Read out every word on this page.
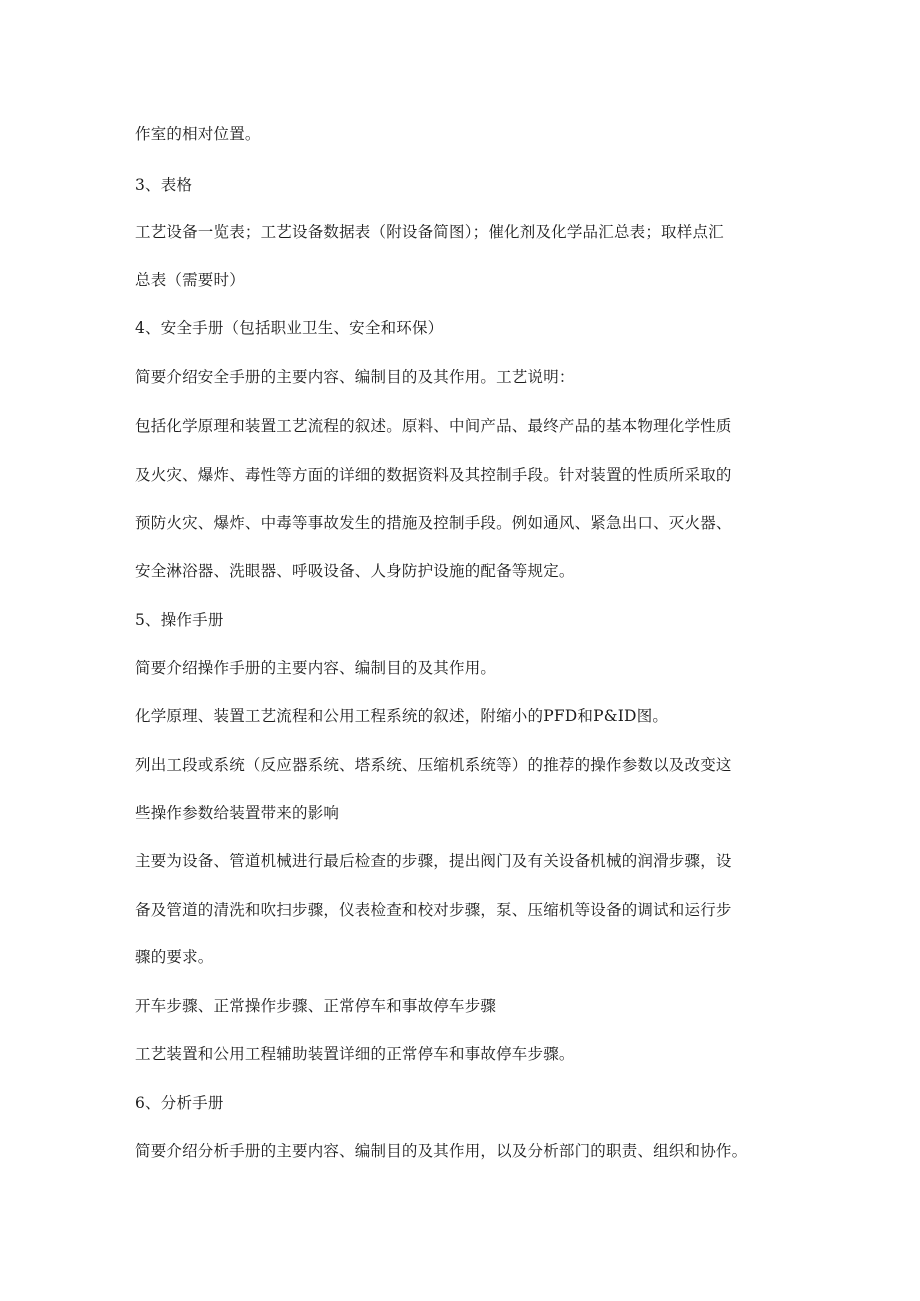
作室的相对位置。
3、表格
工艺设备一览表；工艺设备数据表（附设备简图）；催化剂及化学品汇总表；取样点汇
总表（需要时）
4、安全手册（包括职业卫生、安全和环保）
简要介绍安全手册的主要内容、编制目的及其作用。工艺说明：
包括化学原理和装置工艺流程的叙述。原料、中间产品、最终产品的基本物理化学性质
及火灾、爆炸、毒性等方面的详细的数据资料及其控制手段。针对装置的性质所采取的
预防火灾、爆炸、中毒等事故发生的措施及控制手段。例如通风、紧急出口、灭火器、
安全淋浴器、洗眼器、呼吸设备、人身防护设施的配备等规定。
5、操作手册
简要介绍操作手册的主要内容、编制目的及其作用。
化学原理、装置工艺流程和公用工程系统的叙述，附缩小的PFD和P&ID图。
列出工段或系统（反应器系统、塔系统、压缩机系统等）的推荐的操作参数以及改变这
些操作参数给装置带来的影响
主要为设备、管道机械进行最后检查的步骤，提出阀门及有关设备机械的润滑步骤，设
备及管道的清洗和吹扫步骤，仪表检查和校对步骤，泵、压缩机等设备的调试和运行步
骤的要求。
开车步骤、正常操作步骤、正常停车和事故停车步骤
工艺装置和公用工程辅助装置详细的正常停车和事故停车步骤。
6、分析手册
简要介绍分析手册的主要内容、编制目的及其作用，以及分析部门的职责、组织和协作。
